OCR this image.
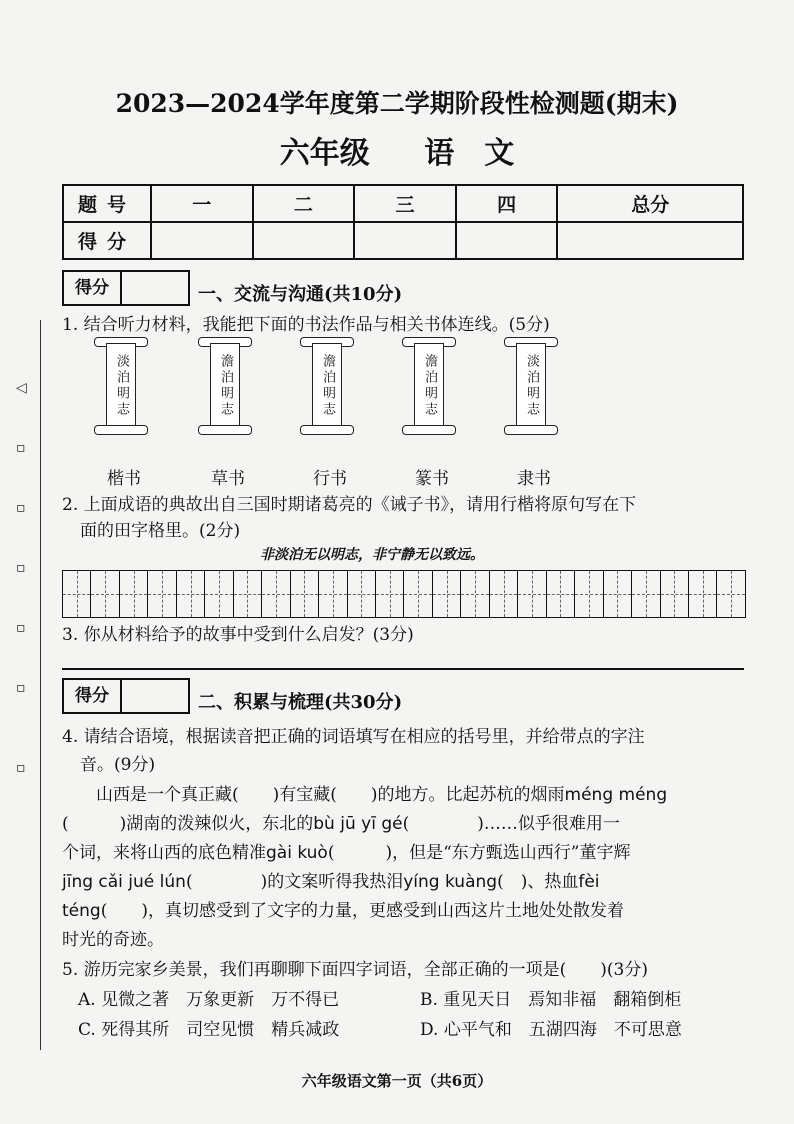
◁
▫
▫
▫
▫
▫
▫
2023—2024学年度第二学期阶段性检测题(期末)
六年级 语　文
题号	一	二	三	四	总分
得分					
得分	一、交流与沟通(共10分)
1. 结合听力材料，我能把下面的书法作品与相关书体连线。(5分)
淡泊明志	澹泊明志	澹泊明志	澹泊明志	淡泊明志
楷书	草书	行书	篆书	隶书
2. 上面成语的典故出自三国时期诸葛亮的《诫子书》，请用行楷将原句写在下
面的田字格里。(2分)
非淡泊无以明志，非宁静无以致远。
3. 你从材料给予的故事中受到什么启发？(3分)
得分	二、积累与梳理(共30分)
4. 请结合语境，根据读音把正确的词语填写在相应的括号里，并给带点的字注
音。(9分)
山西是一个真正藏(　　)有宝藏(　　)的地方。比起苏杭的烟雨méng méng
(　　　)湖南的泼辣似火，东北的bù jū yī gé(　　　　)……似乎很难用一
个词，来将山西的底色精准gài kuò(　　　)，但是“东方甄选山西行”董宇辉
jīng cǎi jué lún(　　　　)的文案听得我热泪yíng kuàng(　)、热血fèi
téng(　　)，真切感受到了文字的力量，更感受到山西这片土地处处散发着
时光的奇迹。
5. 游历完家乡美景，我们再聊聊下面四字词语，全部正确的一项是(　　)(3分)
A. 见微之著　万象更新　万不得已	B. 重见天日　焉知非福　翻箱倒柜
C. 死得其所　司空见惯　精兵减政	D. 心平气和　五湖四海　不可思意
六年级语文第一页（共6页）
